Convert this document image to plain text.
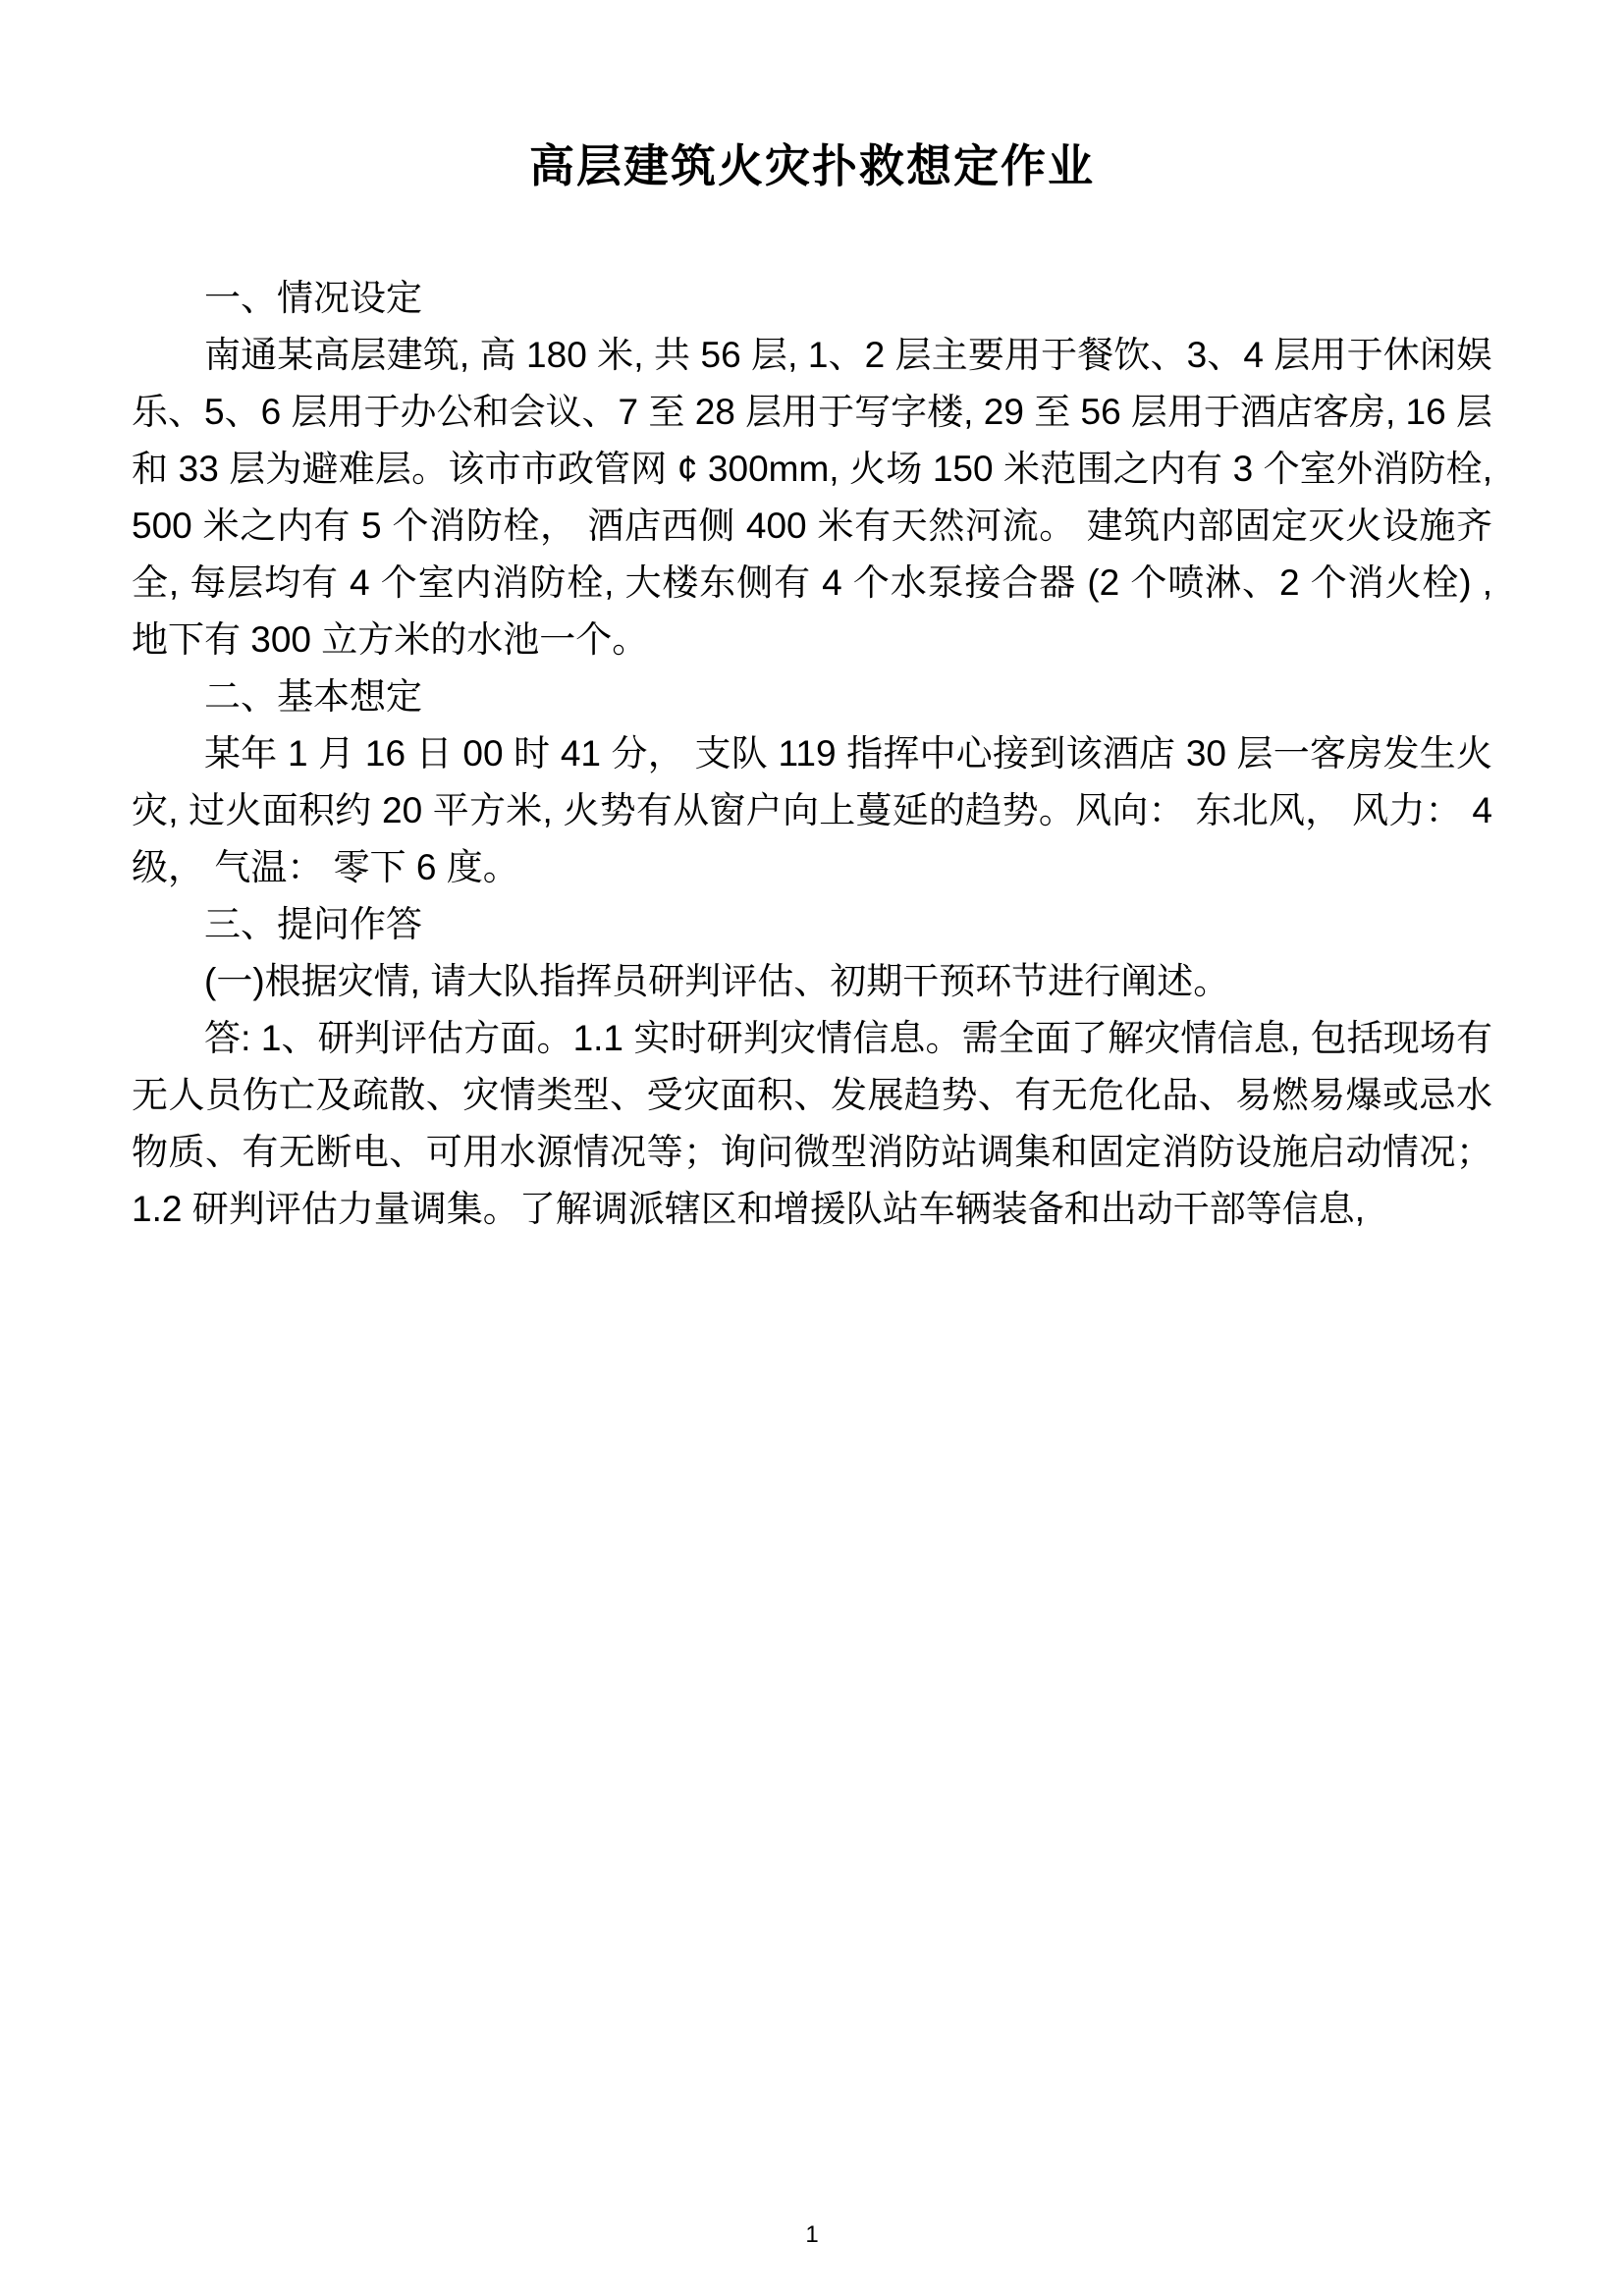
高层建筑火灾扑救想定作业

一、情况设定

南通某高层建筑, 高 180 米, 共 56 层, 1、2 层主要用于餐饮、3、4 层用于休闲娱乐、5、6 层用于办公和会议、7 至 28 层用于写字楼, 29 至 56 层用于酒店客房, 16 层和 33 层为避难层。该市市政管网 ¢ 300mm, 火场 150 米范围之内有 3 个室外消防栓, 500 米之内有 5 个消防栓， 酒店西侧 400 米有天然河流。 建筑内部固定灭火设施齐全, 每层均有 4 个室内消防栓, 大楼东侧有 4 个水泵接合器 (2 个喷淋、2 个消火栓) , 地下有 300 立方米的水池一个。

二、基本想定

某年 1 月 16 日 00 时 41 分， 支队 119 指挥中心接到该酒店 30 层一客房发生火灾, 过火面积约 20 平方米, 火势有从窗户向上蔓延的趋势。风向： 东北风， 风力： 4 级， 气温： 零下 6 度。

三、提问作答

(一)根据灾情, 请大队指挥员研判评估、初期干预环节进行阐述。

答: 1、研判评估方面。1.1 实时研判灾情信息。需全面了解灾情信息, 包括现场有无人员伤亡及疏散、灾情类型、受灾面积、发展趋势、有无危化品、易燃易爆或忌水物质、有无断电、可用水源情况等；询问微型消防站调集和固定消防设施启动情况；1.2 研判评估力量调集。了解调派辖区和增援队站车辆装备和出动干部等信息,

1
